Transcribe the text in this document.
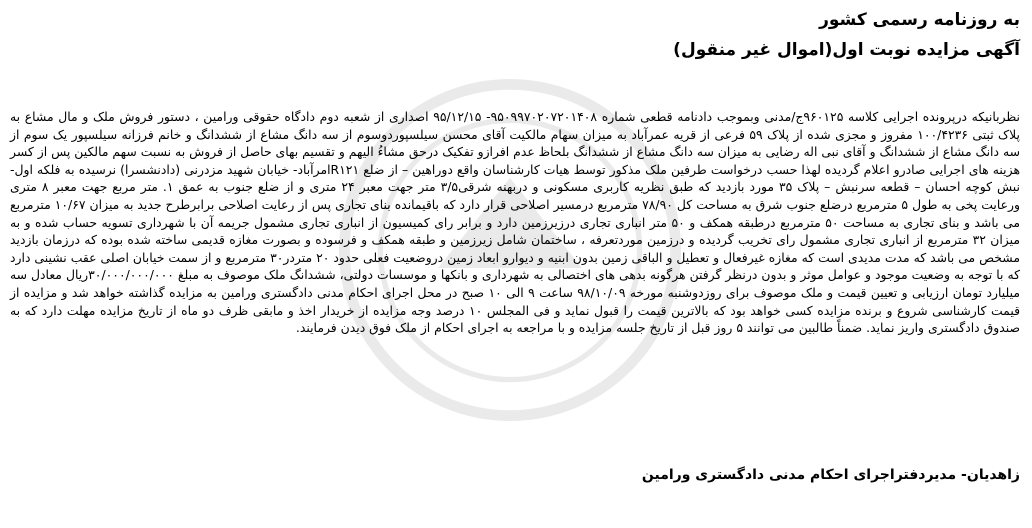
به روزنامه رسمی کشور
آگهی مزایده نوبت اول(اموال غیر منقول)
نظربانیکه درپرونده اجرایی کلاسه ۹۶۰۱۲۵ج/مدنی وبموجب دادنامه قطعی شماره ۹۵۰۹۹۷۰۲۰۷۲۰۱۴۰۸- ۹۵/۱۲/۱۵ اصداری از شعبه دوم دادگاه حقوقی ورامین ، دستور فروش ملک و مال مشاع به پلاک ثبتی ۱۰۰/۴۲۳۶ مفروز و مجزی شده از پلاک ۵۹ فرعی از قریه عمرآباد به میزان سهام مالکیت آقای محسن سیلسپوردوسوم از سه دانگ مشاع از ششدانگ و خانم فرزانه سیلسپور یک سوم از سه دانگ مشاع از ششدانگ و آقای نبی اله رضایی به میزان سه دانگ مشاع از ششدانگ بلحاظ عدم افرازو تفکیک درحق مشاءُ الیهم و تقسیم بهای حاصل از فروش به نسبت سهم مالکین پس از کسر هزینه های اجرایی صادرو اعلام گردیده لهذا حسب درخواست طرفین ملک مذکور توسط هیات کارشناسان واقع دوراهین – از ضلع R۱۲۱امرآباد- خیابان شهید مزدرنی (دادنشسرا) نرسیده به فلکه اول- نبش کوچه احسان – قطعه سرنبش – پلاک ۳۵ مورد بازدید که طبق نظریه کاربری مسکونی و دربهنه شرقی۳/۵ متر جهت معبر ۲۴ متری و از ضلع جنوب به عمق ۱. متر مربع جهت معبر ۸ متری ورعایت پخی به طول ۵ مترمربع درضلع جنوب شرق به مساحت کل ۷۸/۹۰ مترمربع درمسیر اصلاحی قرار دارد که باقیمانده بنای تجاری پس از رعایت اصلاحی برابرطرح جدید به میزان ۱۰/۶۷ مترمربع می باشد و بنای تجاری به مساحت ۵۰ مترمربع درطبقه همکف و ۵۰ متر انباری تجاری درزیرزمین دارد و برابر رای کمیسیون از انباری تجاری مشمول جریمه آن با شهرداری تسویه حساب شده و به میزان ۳۲ مترمربع از انباری تجاری مشمول رای تخریب گردیده و درزمین موردتعرفه ، ساختمان شامل زیرزمین و طبقه همکف و فرسوده و بصورت مغازه قدیمی ساخته شده بوده که درزمان بازدید مشخص می باشد که مدت مدیدی است که مغازه غیرفعال و تعطیل و الباقی زمین بدون ابنیه و دیوارو ابعاد زمین دروضعیت فعلی حدود ۲۰ متردر۳۰ مترمربع و از سمت خیابان اصلی عقب نشینی دارد که با توجه به وضعیت موجود و عوامل موثر و بدون درنظر گرفتن هرگونه بدهی های اختصالی به شهرداری و بانکها و موسسات دولتی، ششدانگ ملک موصوف به مبلغ ۳۰/۰۰۰/۰۰۰/۰۰۰ریال معادل سه میلیارد تومان ارزیابی و تعیین قیمت و ملک موصوف برای روزدوشنبه مورخه ۹۸/۱۰/۰۹ ساعت ۹ الی ۱۰ صبح در محل اجرای احکام مدنی دادگستری ورامین به مزایده گذاشته خواهد شد و مزایده از قیمت کارشناسی شروع و برنده مزایده کسی خواهد بود که بالاترین قیمت را قبول نماید و فی المجلس ۱۰ درصد وجه مزایده از خریدار اخذ و مابقی ظرف دو ماه از تاریخ مزایده مهلت دارد که به صندوق دادگستری واریز نماید. ضمناً طالبین می توانند ۵ روز قبل از تاریخ جلسه مزایده و با مراجعه به اجرای احکام از ملک فوق دیدن فرمایند.
زاهدیان- مدیردفتراجرای احکام مدنی دادگستری ورامین
